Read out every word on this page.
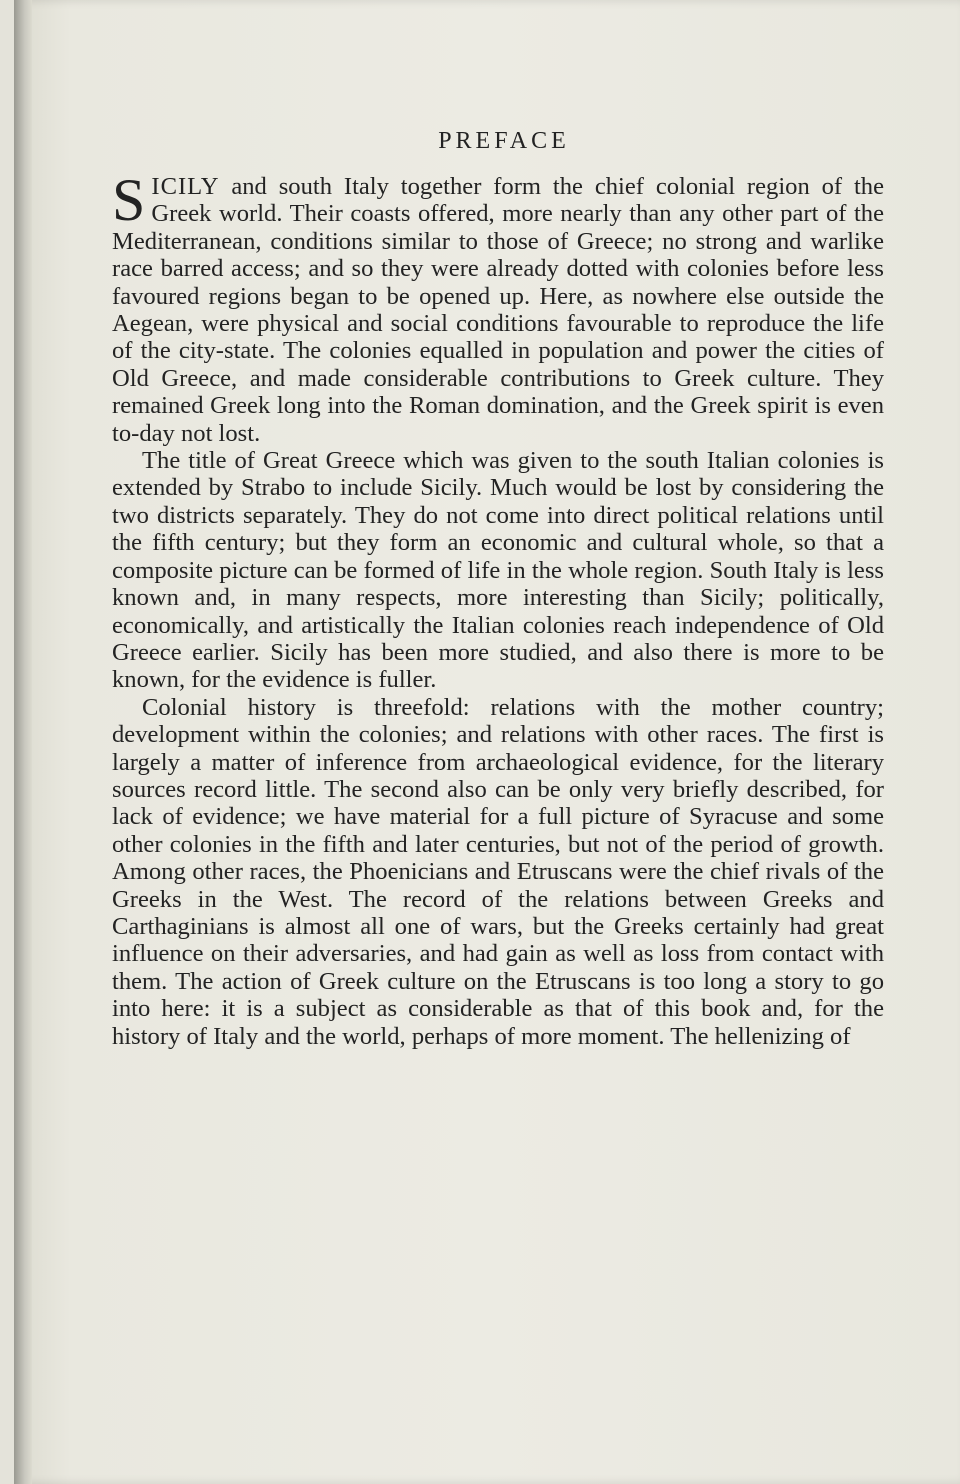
PREFACE

SICILY and south Italy together form the chief colonial region of the Greek world. Their coasts offered, more nearly than any other part of the Mediterranean, conditions similar to those of Greece; no strong and warlike race barred access; and so they were already dotted with colonies before less favoured regions began to be opened up. Here, as nowhere else outside the Aegean, were physical and social conditions favourable to reproduce the life of the city-state. The colonies equalled in population and power the cities of Old Greece, and made considerable contributions to Greek culture. They remained Greek long into the Roman domination, and the Greek spirit is even to-day not lost.

The title of Great Greece which was given to the south Italian colonies is extended by Strabo to include Sicily. Much would be lost by considering the two districts separately. They do not come into direct political relations until the fifth century; but they form an economic and cultural whole, so that a composite picture can be formed of life in the whole region. South Italy is less known and, in many respects, more interesting than Sicily; politically, economically, and artistically the Italian colonies reach independence of Old Greece earlier. Sicily has been more studied, and also there is more to be known, for the evidence is fuller.

Colonial history is threefold: relations with the mother country; development within the colonies; and relations with other races. The first is largely a matter of inference from archaeological evidence, for the literary sources record little. The second also can be only very briefly described, for lack of evidence; we have material for a full picture of Syracuse and some other colonies in the fifth and later centuries, but not of the period of growth. Among other races, the Phoenicians and Etruscans were the chief rivals of the Greeks in the West. The record of the relations between Greeks and Carthaginians is almost all one of wars, but the Greeks certainly had great influence on their adversaries, and had gain as well as loss from contact with them. The action of Greek culture on the Etruscans is too long a story to go into here: it is a subject as considerable as that of this book and, for the history of Italy and the world, perhaps of more moment. The hellenizing of
